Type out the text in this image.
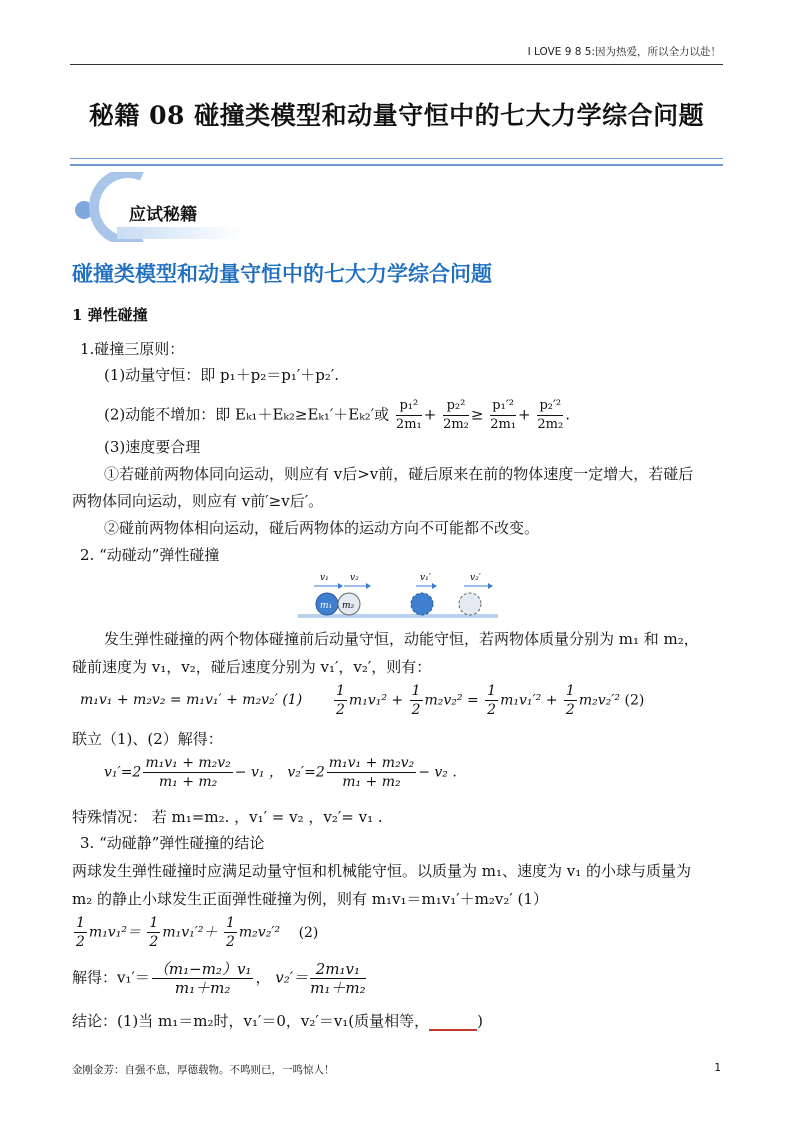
I LOVE 9 8 5:因为热爱，所以全力以赴！
秘籍 08 碰撞类模型和动量守恒中的七大力学综合问题
应试秘籍
碰撞类模型和动量守恒中的七大力学综合问题
1 弹性碰撞
1.碰撞三原则：
(1)动量守恒：即 p₁＋p₂＝p₁′＋p₂′.
(2)动能不增加：即 Eₖ₁＋Eₖ₂≥Eₖ₁′＋Eₖ₂′或 $\frac{\text{p₁²}}{\text{2m₁}} + \frac{\text{p₂²}}{\text{2m₂}} \ge \frac{\text{p₁′²}}{\text{2m₁}} + \frac{\text{p₂′²}}{\text{2m₂}}$ .
(3)速度要合理
①若碰前两物体同向运动，则应有 v后>v前，碰后原来在前的物体速度一定增大，若碰后
两物体同向运动，则应有 v前′≥v后′。
②碰前两物体相向运动，碰后两物体的运动方向不可能都不改变。
2. “动碰动”弹性碰撞
v₁ v₂
m₁ m₂
v₁′	v₂′
发生弹性碰撞的两个物体碰撞前后动量守恒，动能守恒，若两物体质量分别为 m₁ 和 m₂，
碰前速度为 v₁，v₂，碰后速度分别为 v₁′，v₂′，则有：
m₁v₁ + m₂v₂ = m₁v₁′ + m₂v₂′ $(1) \frac{1}{2} m_1v_1^2 + \frac{1}{2} m_2v_2^2 = \frac{1}{2} m_1v_1'^2 + \frac{1}{2} m_2v_2'^2$ (2)
联立（1)、(2）解得：
$v_1'=2 \frac{\text{m₁v₁ + m₂v₂}}{\text{m₁ + m₂}} - v_1$ ， $v_2'=2 \frac{\text{m₁v₁ + m₂v₂}}{\text{m₁ + m₂}} - v_2$ .
特殊情况： 若 m₁=m₂. ，v₁′ = v₂ ，v₂′= v₁ .
3. “动碰静”弹性碰撞的结论
两球发生弹性碰撞时应满足动量守恒和机械能守恒。以质量为 m₁、速度为 v₁ 的小球与质量为
m₂ 的静止小球发生正面弹性碰撞为例，则有 m₁v₁＝m₁v₁′＋m₂v₂′ (1）
$\frac{1}{2} m_1v_1^2= \frac{1}{2} m_1v_1'^2+ \frac{1}{2} m_2v_2'^2$ (2)
解得：$v_1'= \frac{\text{（m₁−m₂）v₁}}{\text{m₁＋m₂}}$ ， $v_2'= \frac{\text{2m₁v₁}}{\text{m₁＋m₂}}$
结论：(1)当 m₁＝m₂时，v₁′＝0，v₂′＝v₁(质量相等，	)
金刚金芳：自强不息，厚德载物。不鸣则已，一鸣惊人！	1
